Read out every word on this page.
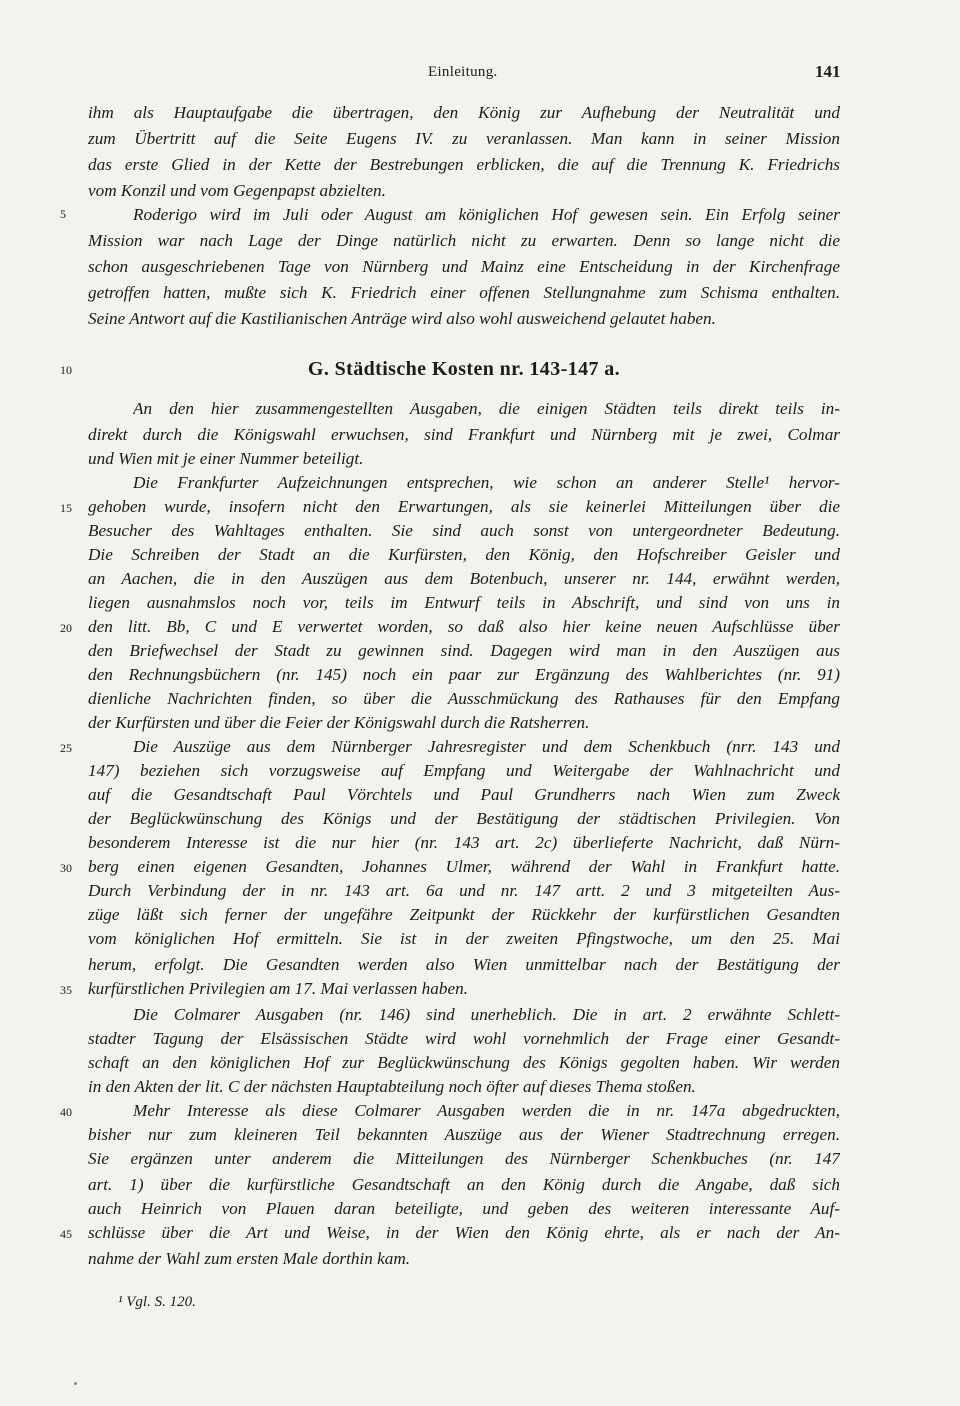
Einleitung.	141
ihm als Hauptaufgabe die übertragen, den König zur Aufhebung der Neutralität und
zum Übertritt auf die Seite Eugens IV. zu veranlassen. Man kann in seiner Mission
das erste Glied in der Kette der Bestrebungen erblicken, die auf die Trennung K. Friedrichs
vom Konzil und vom Gegenpapst abzielten.
5	Roderigo wird im Juli oder August am königlichen Hof gewesen sein. Ein Erfolg seiner
Mission war nach Lage der Dinge natürlich nicht zu erwarten. Denn so lange nicht die
schon ausgeschriebenen Tage von Nürnberg und Mainz eine Entscheidung in der Kirchenfrage
getroffen hatten, mußte sich K. Friedrich einer offenen Stellungnahme zum Schisma enthalten.
Seine Antwort auf die Kastilianischen Anträge wird also wohl ausweichend gelautet haben.
10	G. Städtische Kosten nr. 143-147 a.
An den hier zusammengestellten Ausgaben, die einigen Städten teils direkt teils in-
direkt durch die Königswahl erwuchsen, sind Frankfurt und Nürnberg mit je zwei, Colmar
und Wien mit je einer Nummer beteiligt.
Die Frankfurter Aufzeichnungen entsprechen, wie schon an anderer Stelle¹ hervor-
15 gehoben wurde, insofern nicht den Erwartungen, als sie keinerlei Mitteilungen über die
Besucher des Wahltages enthalten. Sie sind auch sonst von untergeordneter Bedeutung.
Die Schreiben der Stadt an die Kurfürsten, den König, den Hofschreiber Geisler und
an Aachen, die in den Auszügen aus dem Botenbuch, unserer nr. 144, erwähnt werden,
liegen ausnahmslos noch vor, teils im Entwurf teils in Abschrift, und sind von uns in
20 den litt. Bb, C und E verwertet worden, so daß also hier keine neuen Aufschlüsse über
den Briefwechsel der Stadt zu gewinnen sind. Dagegen wird man in den Auszügen aus
den Rechnungsbüchern (nr. 145) noch ein paar zur Ergänzung des Wahlberichtes (nr. 91)
dienliche Nachrichten finden, so über die Ausschmückung des Rathauses für den Empfang
der Kurfürsten und über die Feier der Königswahl durch die Ratsherren.
25	Die Auszüge aus dem Nürnberger Jahresregister und dem Schenkbuch (nrr. 143 und
147) beziehen sich vorzugsweise auf Empfang und Weitergabe der Wahlnachricht und
auf die Gesandtschaft Paul Vörchtels und Paul Grundherrs nach Wien zum Zweck
der Beglückwünschung des Königs und der Bestätigung der städtischen Privilegien. Von
besonderem Interesse ist die nur hier (nr. 143 art. 2c) überlieferte Nachricht, daß Nürn-
30 berg einen eigenen Gesandten, Johannes Ulmer, während der Wahl in Frankfurt hatte.
Durch Verbindung der in nr. 143 art. 6a und nr. 147 artt. 2 und 3 mitgeteilten Aus-
züge läßt sich ferner der ungefähre Zeitpunkt der Rückkehr der kurfürstlichen Gesandten
vom königlichen Hof ermitteln. Sie ist in der zweiten Pfingstwoche, um den 25. Mai
herum, erfolgt. Die Gesandten werden also Wien unmittelbar nach der Bestätigung der
35 kurfürstlichen Privilegien am 17. Mai verlassen haben.
Die Colmarer Ausgaben (nr. 146) sind unerheblich. Die in art. 2 erwähnte Schlett-
stadter Tagung der Elsässischen Städte wird wohl vornehmlich der Frage einer Gesandt-
schaft an den königlichen Hof zur Beglückwünschung des Königs gegolten haben. Wir werden
in den Akten der lit. C der nächsten Hauptabteilung noch öfter auf dieses Thema stoßen.
40	Mehr Interesse als diese Colmarer Ausgaben werden die in nr. 147a abgedruckten,
bisher nur zum kleineren Teil bekannten Auszüge aus der Wiener Stadtrechnung erregen.
Sie ergänzen unter anderem die Mitteilungen des Nürnberger Schenkbuches (nr. 147
art. 1) über die kurfürstliche Gesandtschaft an den König durch die Angabe, daß sich
auch Heinrich von Plauen daran beteiligte, und geben des weiteren interessante Auf-
45 schlüsse über die Art und Weise, in der Wien den König ehrte, als er nach der An-
nahme der Wahl zum ersten Male dorthin kam.
¹ Vgl. S. 120.
